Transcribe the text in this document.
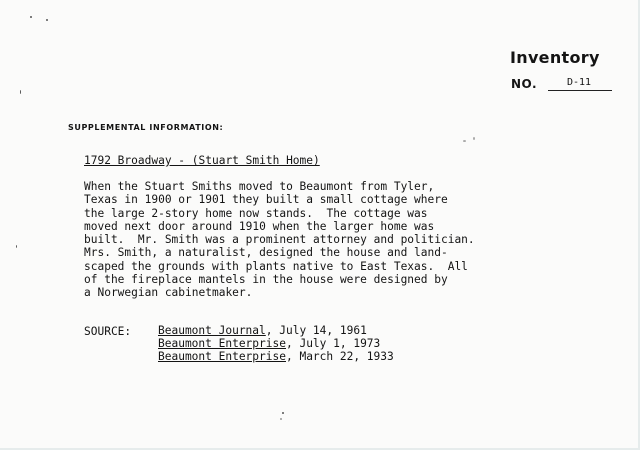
Inventory
NO.	D-11
SUPPLEMENTAL INFORMATION:
1792 Broadway - (Stuart Smith Home)
When the Stuart Smiths moved to Beaumont from Tyler,
Texas in 1900 or 1901 they built a small cottage where
the large 2-story home now stands.  The cottage was
moved next door around 1910 when the larger home was
built.  Mr. Smith was a prominent attorney and politician.
Mrs. Smith, a naturalist, designed the house and land-
scaped the grounds with plants native to East Texas.  All
of the fireplace mantels in the house were designed by
a Norwegian cabinetmaker.
SOURCE: Beaumont Journal, July 14, 1961
Beaumont Enterprise, July 1, 1973
Beaumont Enterprise, March 22, 1933
